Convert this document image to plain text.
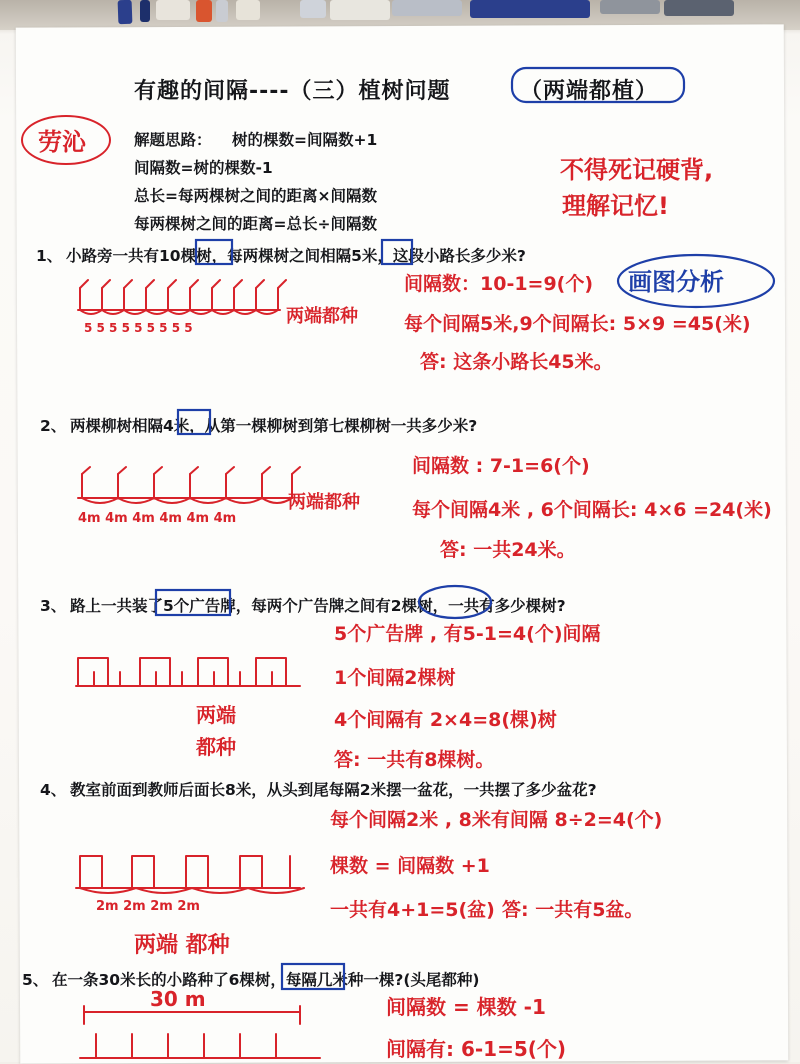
有趣的间隔----（三）植树问题	（两端都植）
解题思路： 树的棵数=间隔数+1
间隔数=树的棵数-1
总长=每两棵树之间的距离×间隔数
每两棵树之间的距离=总长÷间隔数
1、 小路旁一共有10棵树，每两棵树之间相隔5米，这段小路长多少米?
2、 两棵柳树相隔4米，从第一棵柳树到第七棵柳树一共多少米?
3、 路上一共装了5个广告牌，每两个广告牌之间有2棵树，一共有多少棵树?
4、 教室前面到教师后面长8米，从头到尾每隔2米摆一盆花，一共摆了多少盆花?
5、 在一条30米长的小路种了6棵树，每隔几米种一棵?(头尾都种)
画图分析
劳沁
不得死记硬背,
理解记忆!
5 5 5 5 5 5 5 5 5
两端都种
间隔数：10-1=9(个)
每个间隔5米,9个间隔长: 5×9 =45(米)
答: 这条小路长45米。
4m 4m 4m 4m 4m 4m
两端都种
间隔数 : 7-1=6(个)
每个间隔4米 , 6个间隔长: 4×6 =24(米)
答: 一共24米。
5个广告牌 , 有5-1=4(个)间隔
1个间隔2棵树
4个间隔有 2×4=8(棵)树
答: 一共有8棵树。
两端
都种
2m 2m 2m 2m
每个间隔2米 , 8米有间隔 8÷2=4(个)
棵数 = 间隔数 +1
一共有4+1=5(盆) 答: 一共有5盆。
两端 都种
30 m	间隔数 = 棵数 -1
间隔有: 6-1=5(个)
